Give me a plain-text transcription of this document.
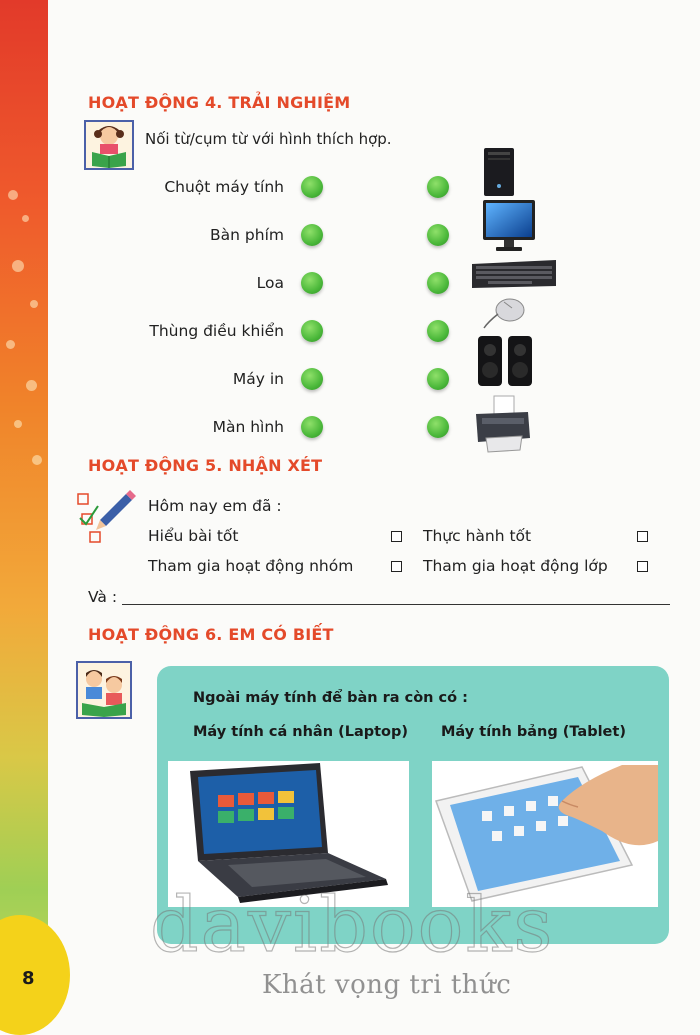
8
HOẠT ĐỘNG 4. TRẢI NGHIỆM
Nối từ/cụm từ với hình thích hợp.
Chuột máy tính
Bàn phím
Loa
Thùng điều khiển
Máy in
Màn hình
HOẠT ĐỘNG 5. NHẬN XÉT
Hôm nay em đã :
Hiểu bài tốt	Thực hành tốt
Tham gia hoạt động nhóm	Tham gia hoạt động lớp
Và :
HOẠT ĐỘNG 6. EM CÓ BIẾT
Ngoài máy tính để bàn ra còn có :
Máy tính cá nhân (Laptop) Máy tính bảng (Tablet)
davibooks
Khát vọng tri thức
